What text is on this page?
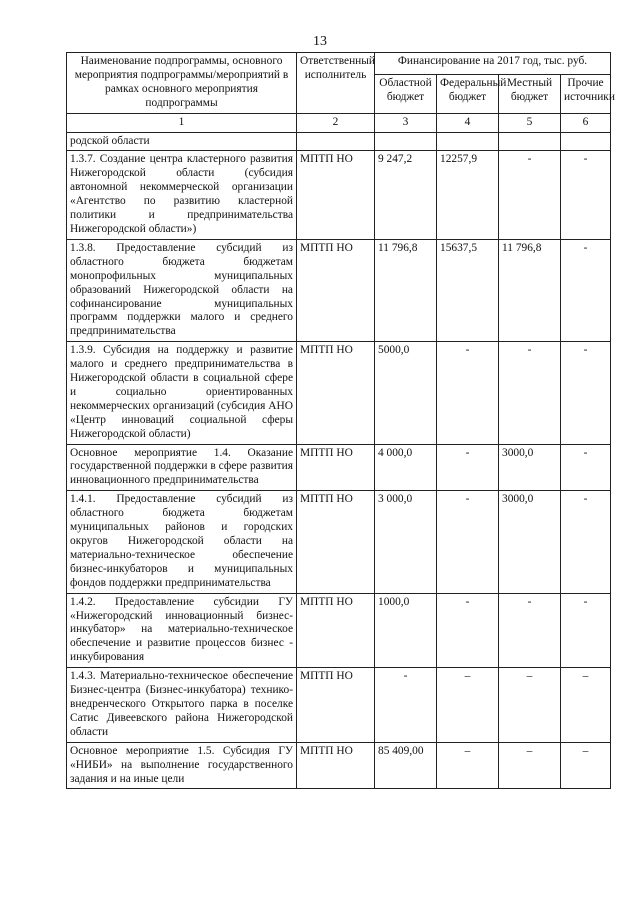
13
Наименование подпрограммы, основного мероприятия подпрограммы/мероприятий в рамках основного мероприятия подпрограммы	Ответственный исполнитель	Финансирование на 2017 год, тыс. руб.			
		Областной бюджет	Федеральный бюджет	Местный бюджет	Прочие источники
1	2	3	4	5	6
родской области					
1.3.7. Создание центра кластерного развития Нижегородской области (субсидия автономной некоммерческой организации «Агентство по развитию кластерной политики и предпринимательства Нижегородской области»)	МПТП НО	9 247,2	12257,9	-	-
1.3.8. Предоставление субсидий из областного бюджета бюджетам монопрофильных муниципальных образований Нижегородской области на софинансирование муниципальных программ поддержки малого и среднего предпринимательства	МПТП НО	11 796,8	15637,5	11 796,8	-
1.3.9. Субсидия на поддержку и развитие малого и среднего предпринимательства в Нижегородской области в социальной сфере и социально ориентированных некоммерческих организаций (субсидия АНО «Центр инноваций социальной сферы Нижегородской области)	МПТП НО	5000,0	-	-	-
Основное мероприятие 1.4. Оказание государственной поддержки в сфере развития инновационного предпринимательства	МПТП НО	4 000,0	-	3000,0	-
1.4.1. Предоставление субсидий из областного бюджета бюджетам муниципальных районов и городских округов Нижегородской области на материально-техническое обеспечение бизнес-инкубаторов и муниципальных фондов поддержки предпринимательства	МПТП НО	3 000,0	-	3000,0	-
1.4.2. Предоставление субсидии ГУ «Нижегородский инновационный бизнес-инкубатор» на материально-техническое обеспечение и развитие процессов бизнес - инкубирования	МПТП НО	1000,0	-	-	-
1.4.3. Материально-техническое обеспечение Бизнес-центра (Бизнес-инкубатора) технико-внедренческого Открытого парка в поселке Сатис Дивеевского района Нижегородской области	МПТП НО	-	–	–	–
Основное мероприятие 1.5. Субсидия ГУ «НИБИ» на выполнение государственного задания и на иные цели	МПТП НО	85 409,00	–	–	–
